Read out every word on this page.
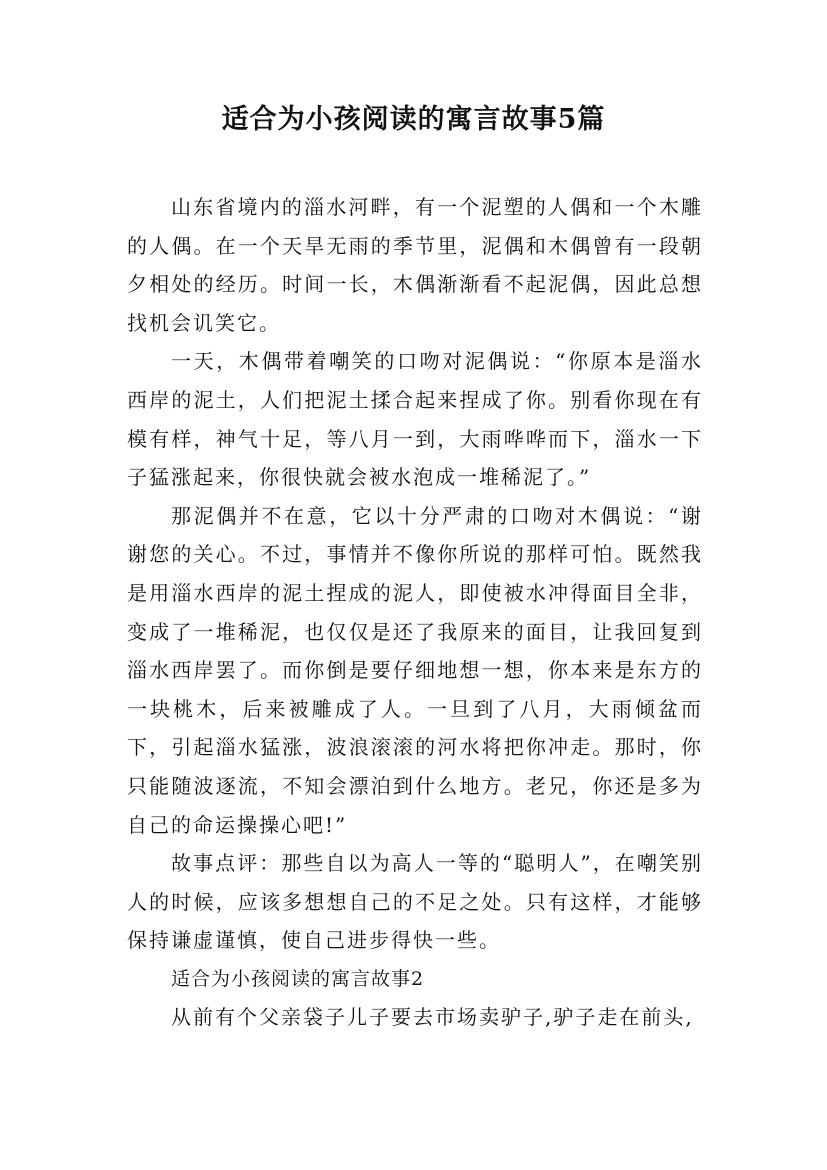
适合为小孩阅读的寓言故事5篇

山东省境内的淄水河畔，有一个泥塑的人偶和一个木雕的人偶。在一个天旱无雨的季节里，泥偶和木偶曾有一段朝夕相处的经历。时间一长，木偶渐渐看不起泥偶，因此总想找机会讥笑它。

一天，木偶带着嘲笑的口吻对泥偶说：“你原本是淄水西岸的泥土，人们把泥土揉合起来捏成了你。别看你现在有模有样，神气十足，等八月一到，大雨哗哗而下，淄水一下子猛涨起来，你很快就会被水泡成一堆稀泥了。”

那泥偶并不在意，它以十分严肃的口吻对木偶说：“谢谢您的关心。不过，事情并不像你所说的那样可怕。既然我是用淄水西岸的泥土捏成的泥人，即使被水冲得面目全非，变成了一堆稀泥，也仅仅是还了我原来的面目，让我回复到淄水西岸罢了。而你倒是要仔细地想一想，你本来是东方的一块桃木，后来被雕成了人。一旦到了八月，大雨倾盆而下，引起淄水猛涨，波浪滚滚的河水将把你冲走。那时，你只能随波逐流，不知会漂泊到什么地方。老兄，你还是多为自己的命运操操心吧!”

故事点评：那些自以为高人一等的“聪明人”，在嘲笑别人的时候，应该多想想自己的不足之处。只有这样，才能够保持谦虚谨慎，使自己进步得快一些。

适合为小孩阅读的寓言故事2

从前有个父亲袋子儿子要去市场卖驴子,驴子走在前头,
